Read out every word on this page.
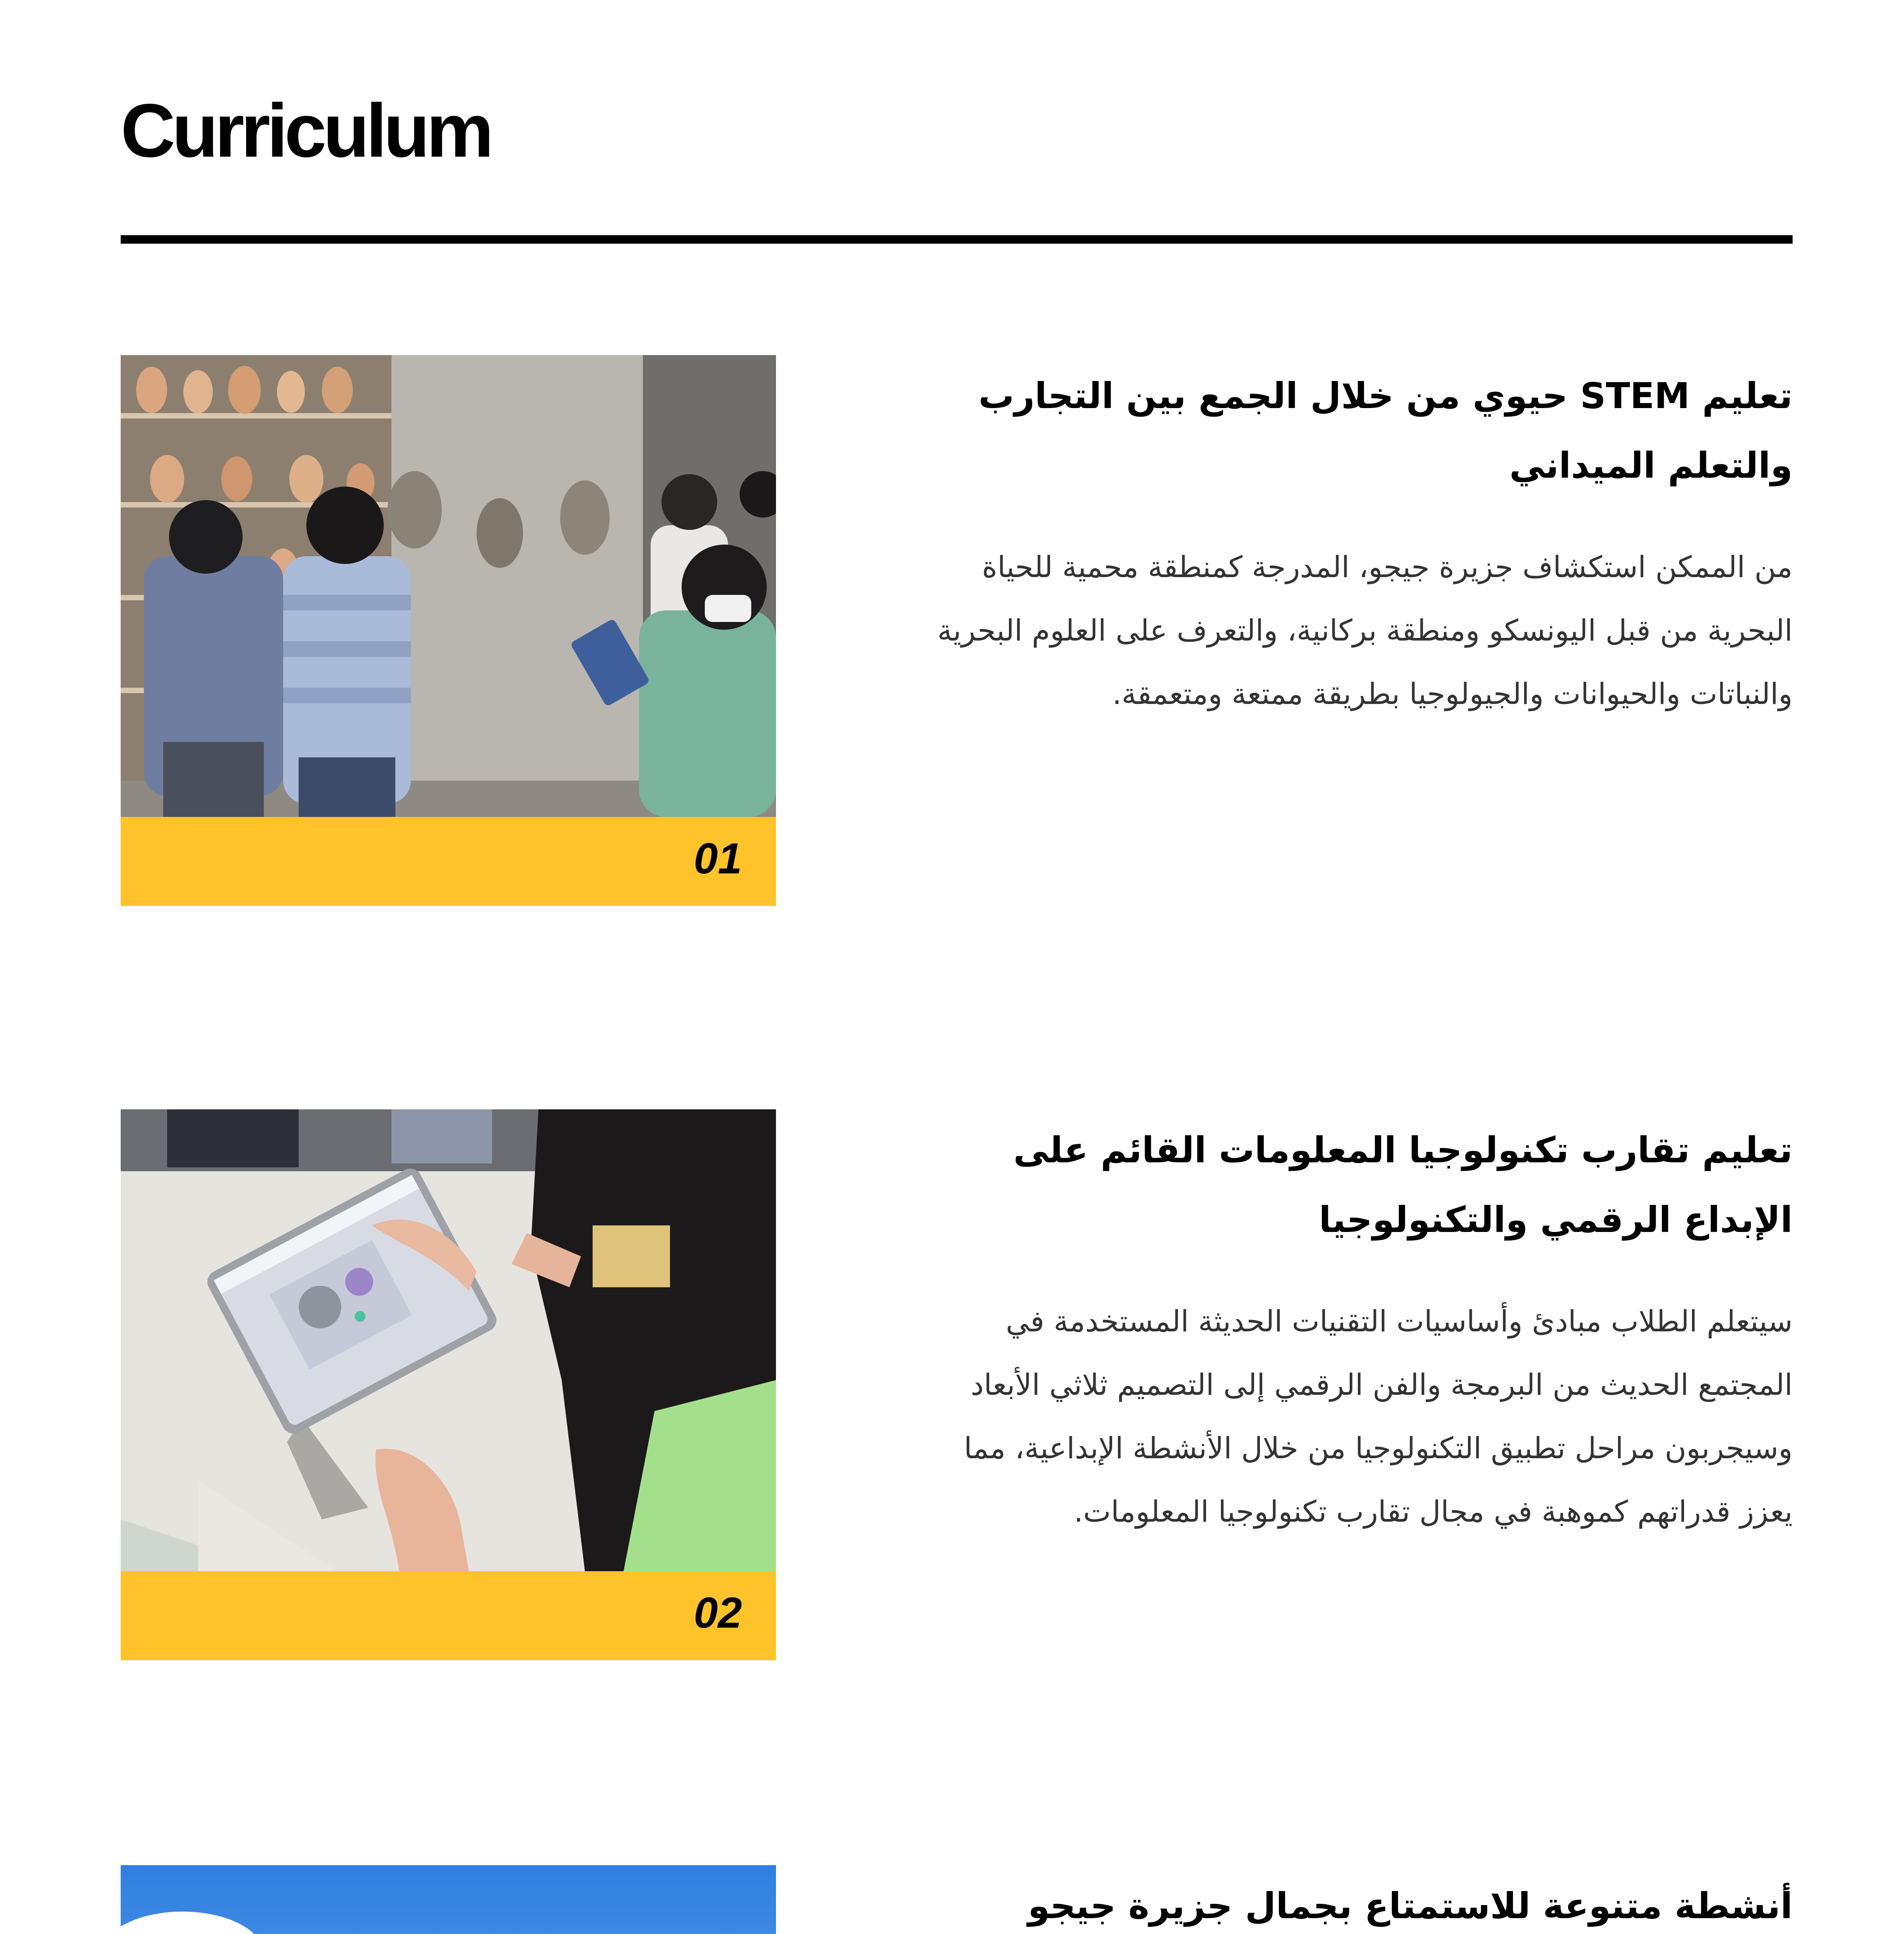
Curriculum
01
تعليم STEM حيوي من خلال الجمع بين التجارب والتعلم الميداني

من الممكن استكشاف جزيرة جيجو، المدرجة كمنطقة محمية للحياة البحرية من قبل اليونسكو ومنطقة بركانية، والتعرف على العلوم البحرية والنباتات والحيوانات والجيولوجيا بطريقة ممتعة ومتعمقة.

02
تعليم تقارب تكنولوجيا المعلومات القائم على الإبداع الرقمي والتكنولوجيا

سيتعلم الطلاب مبادئ وأساسيات التقنيات الحديثة المستخدمة في المجتمع الحديث من البرمجة والفن الرقمي إلى التصميم ثلاثي الأبعاد وسيجربون مراحل تطبيق التكنولوجيا من خلال الأنشطة الإبداعية، مما يعزز قدراتهم كموهبة في مجال تقارب تكنولوجيا المعلومات.

أنشطة متنوعة للاستمتاع بجمال جزيرة جيجو
